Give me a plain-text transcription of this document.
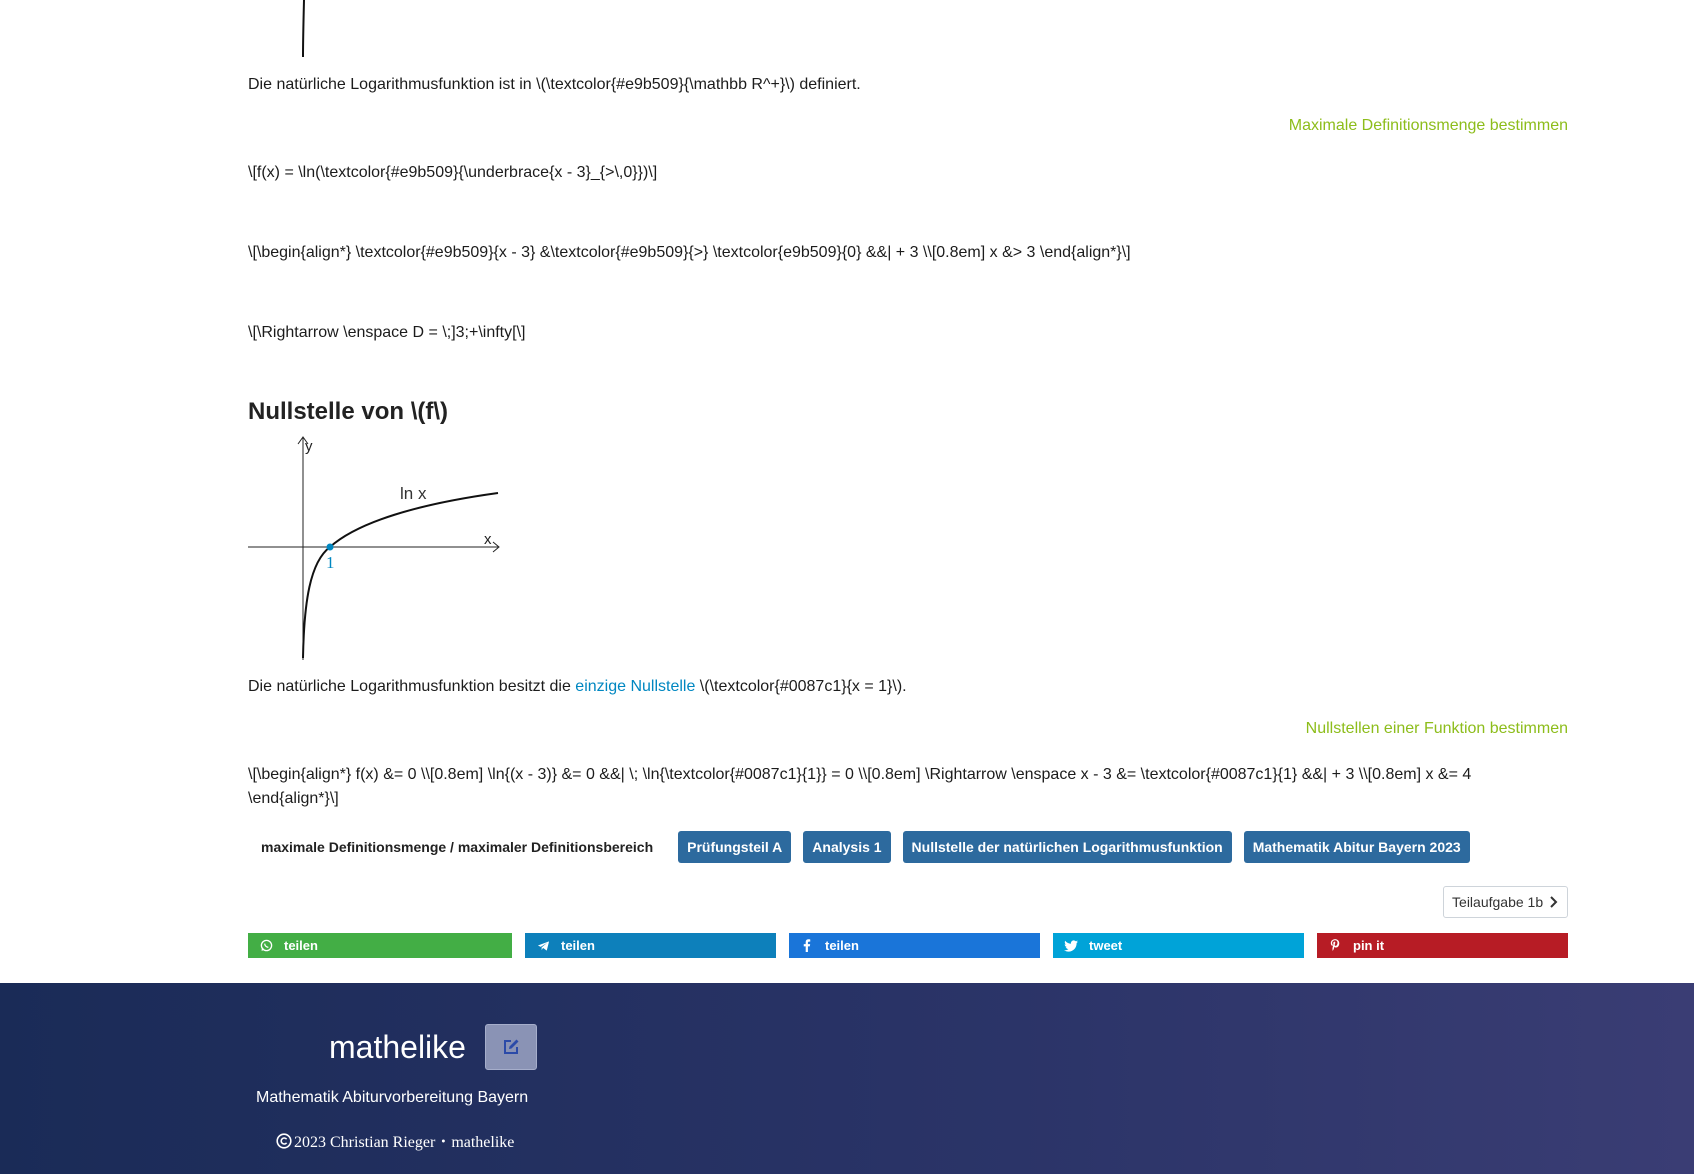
Die natürliche Logarithmusfunktion ist in \(\textcolor{#e9b509}{\mathbb R^+}\) definiert.
Maximale Definitionsmenge bestimmen
\[f(x) = \ln(\textcolor{#e9b509}{\underbrace{x - 3}_{>\,0}})\]
\[\begin{align*} \textcolor{#e9b509}{x - 3} &\textcolor{#e9b509}{>} \textcolor{e9b509}{0} &&| + 3 \\[0.8em] x &> 3 \end{align*}\]
\[\Rightarrow \enspace D = \;]3;+\infty[\]
Nullstelle von \(f\)
y
x
ln x
1
Die natürliche Logarithmusfunktion besitzt die einzige Nullstelle \(\textcolor{#0087c1}{x = 1}\).
Nullstellen einer Funktion bestimmen
\[\begin{align*} f(x) &= 0 \\[0.8em] \ln{(x - 3)} &= 0 &&| \; \ln{\textcolor{#0087c1}{1}} = 0 \\[0.8em] \Rightarrow \enspace x - 3 &= \textcolor{#0087c1}{1} &&| + 3 \\[0.8em] x &= 4
\end{align*}\]
maximale Definitionsmenge / maximaler Definitionsbereich	Prüfungsteil A	Analysis 1	Nullstelle der natürlichen Logarithmusfunktion	Mathematik Abitur Bayern 2023
Teilaufgabe 1b
teilen	teilen	teilen	tweet	pin it
mathelike
Mathematik Abiturvorbereitung Bayern
2023 Christian Rieger・mathelike
